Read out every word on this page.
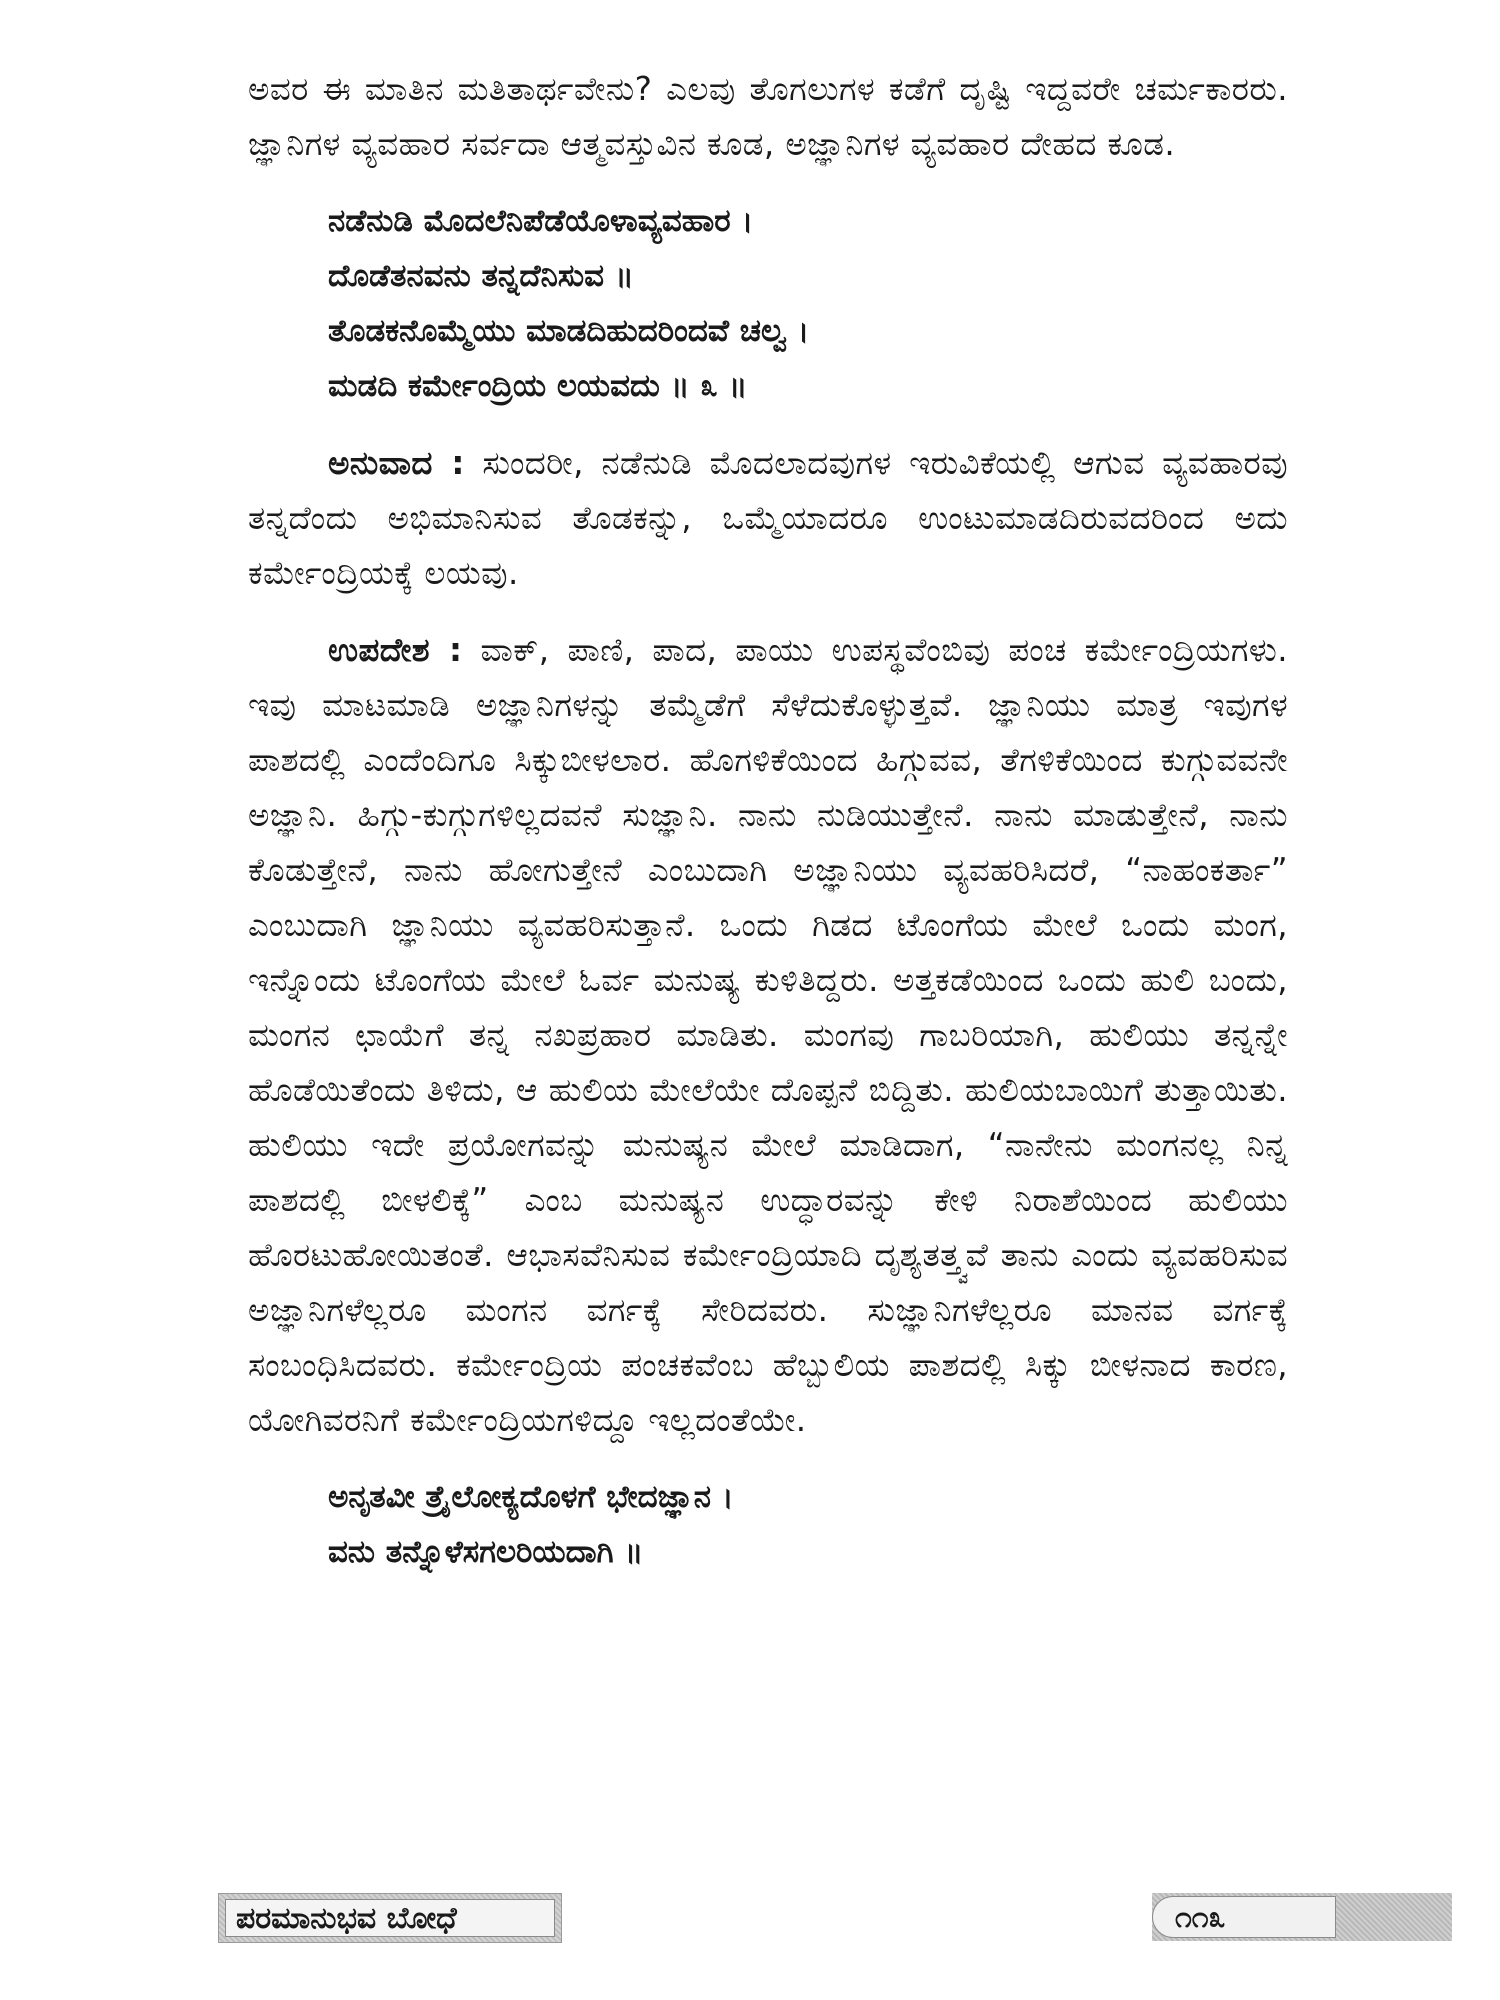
ಅವರ ಈ ಮಾತಿನ ಮತಿತಾರ್ಥವೇನು? ಎಲವು ತೊಗಲುಗಳ ಕಡೆಗೆ ದೃಷ್ಟಿ ಇದ್ದವರೇ ಚರ್ಮಕಾರರು. ಜ್ಞಾನಿಗಳ ವ್ಯವಹಾರ ಸರ್ವದಾ ಆತ್ಮವಸ್ತುವಿನ ಕೂಡ, ಅಜ್ಞಾನಿಗಳ ವ್ಯವಹಾರ ದೇಹದ ಕೂಡ.

ನಡೆನುಡಿ ಮೊದಲೆನಿಪೆಡೆಯೊಳಾವ್ಯವಹಾರ ।
ದೊಡೆತನವನು ತನ್ನದೆನಿಸುವ ॥
ತೊಡಕನೊಮ್ಮೆಯು ಮಾಡದಿಹುದರಿಂದವೆ ಚಲ್ವ ।
ಮಡದಿ ಕರ್ಮೇಂದ್ರಿಯ ಲಯವದು ॥ ೩ ॥

ಅನುವಾದ : ಸುಂದರೀ, ನಡೆನುಡಿ ಮೊದಲಾದವುಗಳ ಇರುವಿಕೆಯಲ್ಲಿ ಆಗುವ ವ್ಯವಹಾರವು ತನ್ನದೆಂದು ಅಭಿಮಾನಿಸುವ ತೊಡಕನ್ನು, ಒಮ್ಮೆಯಾದರೂ ಉಂಟುಮಾಡದಿರುವದರಿಂದ ಅದು ಕರ್ಮೇಂದ್ರಿಯಕ್ಕೆ ಲಯವು.

ಉಪದೇಶ : ವಾಕ್, ಪಾಣಿ, ಪಾದ, ಪಾಯು ಉಪಸ್ಥವೆಂಬಿವು ಪಂಚ ಕರ್ಮೇಂದ್ರಿಯಗಳು. ಇವು ಮಾಟಮಾಡಿ ಅಜ್ಞಾನಿಗಳನ್ನು ತಮ್ಮೆಡೆಗೆ ಸೆಳೆದುಕೊಳ್ಳುತ್ತವೆ. ಜ್ಞಾನಿಯು ಮಾತ್ರ ಇವುಗಳ ಪಾಶದಲ್ಲಿ ಎಂದೆಂದಿಗೂ ಸಿಕ್ಕುಬೀಳಲಾರ. ಹೊಗಳಿಕೆಯಿಂದ ಹಿಗ್ಗುವವ, ತೆಗಳಿಕೆಯಿಂದ ಕುಗ್ಗುವವನೇ ಅಜ್ಞಾನಿ. ಹಿಗ್ಗು-ಕುಗ್ಗುಗಳಿಲ್ಲದವನೆ ಸುಜ್ಞಾನಿ. ನಾನು ನುಡಿಯುತ್ತೇನೆ. ನಾನು ಮಾಡುತ್ತೇನೆ, ನಾನು ಕೊಡುತ್ತೇನೆ, ನಾನು ಹೋಗುತ್ತೇನೆ ಎಂಬುದಾಗಿ ಅಜ್ಞಾನಿಯು ವ್ಯವಹರಿಸಿದರೆ, “ನಾಹಂಕರ್ತಾ” ಎಂಬುದಾಗಿ ಜ್ಞಾನಿಯು ವ್ಯವಹರಿಸುತ್ತಾನೆ. ಒಂದು ಗಿಡದ ಟೊಂಗೆಯ ಮೇಲೆ ಒಂದು ಮಂಗ, ಇನ್ನೊಂದು ಟೊಂಗೆಯ ಮೇಲೆ ಓರ್ವ ಮನುಷ್ಯ ಕುಳಿತಿದ್ದರು. ಅತ್ತಕಡೆಯಿಂದ ಒಂದು ಹುಲಿ ಬಂದು, ಮಂಗನ ಛಾಯೆಗೆ ತನ್ನ ನಖಪ್ರಹಾರ ಮಾಡಿತು. ಮಂಗವು ಗಾಬರಿಯಾಗಿ, ಹುಲಿಯು ತನ್ನನ್ನೇ ಹೊಡೆಯಿತೆಂದು ತಿಳಿದು, ಆ ಹುಲಿಯ ಮೇಲೆಯೇ ದೊಪ್ಪನೆ ಬಿದ್ದಿತು. ಹುಲಿಯಬಾಯಿಗೆ ತುತ್ತಾಯಿತು. ಹುಲಿಯು ಇದೇ ಪ್ರಯೋಗವನ್ನು ಮನುಷ್ಯನ ಮೇಲೆ ಮಾಡಿದಾಗ, “ನಾನೇನು ಮಂಗನಲ್ಲ ನಿನ್ನ ಪಾಶದಲ್ಲಿ ಬೀಳಲಿಕ್ಕೆ” ಎಂಬ ಮನುಷ್ಯನ ಉದ್ಧಾರವನ್ನು ಕೇಳಿ ನಿರಾಶೆಯಿಂದ ಹುಲಿಯು ಹೊರಟುಹೋಯಿತಂತೆ. ಆಭಾಸವೆನಿಸುವ ಕರ್ಮೇಂದ್ರಿಯಾದಿ ದೃಶ್ಯತತ್ತ್ವವೆ ತಾನು ಎಂದು ವ್ಯವಹರಿಸುವ ಅಜ್ಞಾನಿಗಳೆಲ್ಲರೂ ಮಂಗನ ವರ್ಗಕ್ಕೆ ಸೇರಿದವರು. ಸುಜ್ಞಾನಿಗಳೆಲ್ಲರೂ ಮಾನವ ವರ್ಗಕ್ಕೆ ಸಂಬಂಧಿಸಿದವರು. ಕರ್ಮೇಂದ್ರಿಯ ಪಂಚಕವೆಂಬ ಹೆಬ್ಬುಲಿಯ ಪಾಶದಲ್ಲಿ ಸಿಕ್ಕು ಬೀಳನಾದ ಕಾರಣ, ಯೋಗಿವರನಿಗೆ ಕರ್ಮೇಂದ್ರಿಯಗಳಿದ್ದೂ ಇಲ್ಲದಂತೆಯೇ.

ಅನೃತವೀ ತ್ರೈಲೋಕ್ಯದೊಳಗೆ ಭೇದಜ್ಞಾನ ।
ವನು ತನ್ನೊಳೆಸಗಲರಿಯದಾಗಿ ॥
ಪರಮಾನುಭವ ಬೋಧೆ	೧೧೩
